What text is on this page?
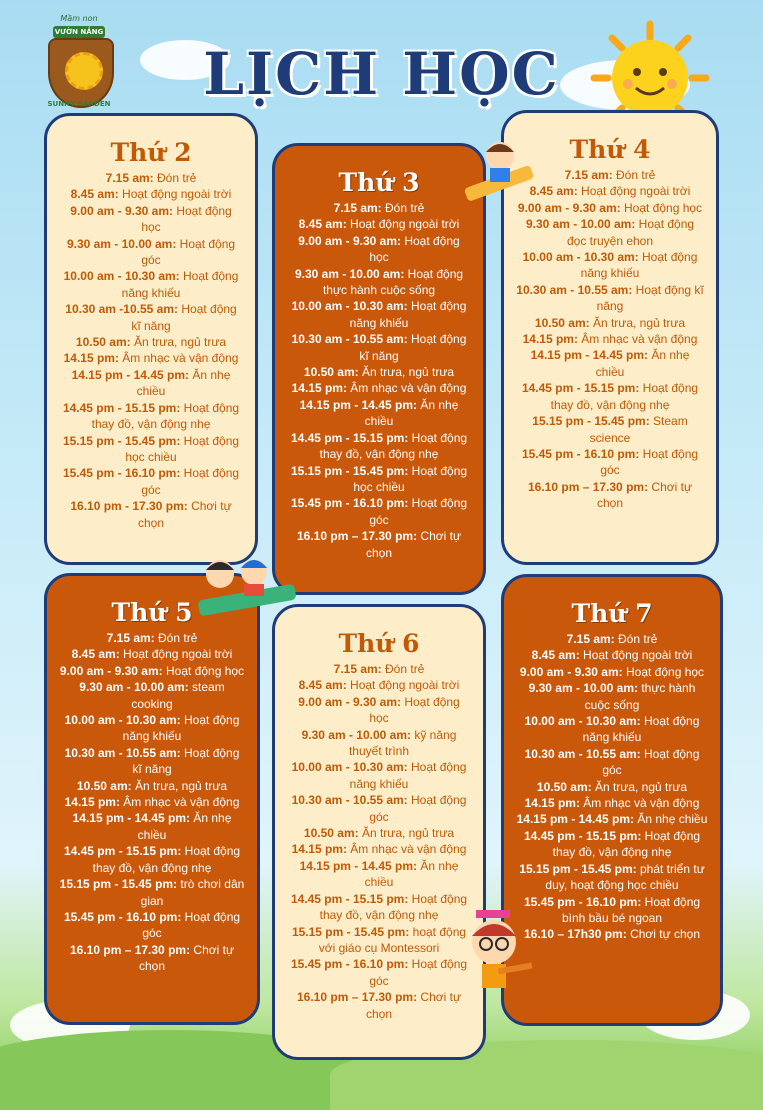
Mầm non
VƯỜN NẮNG
SUNNY GARDEN	LỊCH HỌC
Thứ 2
7.15 am: Đón trẻ
8.45 am: Hoạt động ngoài trời
9.00 am - 9.30 am: Hoạt động học
9.30 am - 10.00 am: Hoạt động góc
10.00 am - 10.30 am: Hoạt động năng khiếu
10.30 am -10.55 am: Hoạt động kĩ năng
10.50 am: Ăn trưa, ngủ trưa
14.15 pm: Âm nhạc và vận động
14.15 pm - 14.45 pm: Ăn nhẹ chiều
14.45 pm - 15.15 pm: Hoạt động thay đồ, vận động nhẹ
15.15 pm - 15.45 pm: Hoạt động học chiều
15.45 pm - 16.10 pm: Hoạt động góc
16.10 pm - 17.30 pm: Chơi tự chọn
Thứ 3
7.15 am: Đón trẻ
8.45 am: Hoạt động ngoài trời
9.00 am - 9.30 am: Hoạt động học
9.30 am - 10.00 am: Hoạt động thực hành cuộc sống
10.00 am - 10.30 am: Hoạt động năng khiếu
10.30 am - 10.55 am: Hoạt động kĩ năng
10.50 am: Ăn trưa, ngủ trưa
14.15 pm: Âm nhạc và vận động
14.15 pm - 14.45 pm: Ăn nhẹ chiều
14.45 pm - 15.15 pm: Hoạt động thay đồ, vận động nhẹ
15.15 pm - 15.45 pm: Hoạt động học chiều
15.45 pm - 16.10 pm: Hoạt động góc
16.10 pm – 17.30 pm: Chơi tự chọn
Thứ 4
7.15 am: Đón trẻ
8.45 am: Hoạt động ngoài trời
9.00 am - 9.30 am: Hoạt động học
9.30 am - 10.00 am: Hoạt động đọc truyện ehon
10.00 am - 10.30 am: Hoạt động năng khiếu
10.30 am - 10.55 am: Hoạt động kĩ năng
10.50 am: Ăn trưa, ngủ trưa
14.15 pm: Âm nhạc và vận động
14.15 pm - 14.45 pm: Ăn nhẹ chiều
14.45 pm - 15.15 pm: Hoạt động thay đồ, vận động nhẹ
15.15 pm - 15.45 pm: Steam science
15.45 pm - 16.10 pm: Hoạt động góc
16.10 pm – 17.30 pm: Chơi tự chọn
Thứ 5
7.15 am: Đón trẻ
8.45 am: Hoạt động ngoài trời
9.00 am - 9.30 am: Hoạt động học
9.30 am - 10.00 am: steam cooking
10.00 am - 10.30 am: Hoạt động năng khiếu
10.30 am - 10.55 am: Hoạt động kĩ năng
10.50 am: Ăn trưa, ngủ trưa
14.15 pm: Âm nhạc và vận động
14.15 pm - 14.45 pm: Ăn nhẹ chiều
14.45 pm - 15.15 pm: Hoạt động thay đồ, vận động nhẹ
15.15 pm - 15.45 pm: trò chơi dân gian
15.45 pm - 16.10 pm: Hoạt động góc
16.10 pm – 17.30 pm: Chơi tự chọn
Thứ 6
7.15 am: Đón trẻ
8.45 am: Hoạt động ngoài trời
9.00 am - 9.30 am: Hoạt động học
9.30 am - 10.00 am: kỹ năng thuyết trình
10.00 am - 10.30 am: Hoạt động năng khiếu
10.30 am - 10.55 am: Hoạt động góc
10.50 am: Ăn trưa, ngủ trưa
14.15 pm: Âm nhạc và vận động
14.15 pm - 14.45 pm: Ăn nhẹ chiều
14.45 pm - 15.15 pm: Hoạt động thay đồ, vận động nhẹ
15.15 pm - 15.45 pm: hoạt động với giáo cụ Montessori
15.45 pm - 16.10 pm: Hoạt động góc
16.10 pm – 17.30 pm: Chơi tự chọn
Thứ 7
7.15 am: Đón trẻ
8.45 am: Hoạt động ngoài trời
9.00 am - 9.30 am: Hoạt động học
9.30 am - 10.00 am: thực hành cuộc sống
10.00 am - 10.30 am: Hoạt động năng khiếu
10.30 am - 10.55 am: Hoạt động góc
10.50 am: Ăn trưa, ngủ trưa
14.15 pm: Âm nhạc và vận động
14.15 pm - 14.45 pm: Ăn nhẹ chiều
14.45 pm - 15.15 pm: Hoạt động thay đồ, vận động nhẹ
15.15 pm - 15.45 pm: phát triển tư duy, hoạt động học chiều
15.45 pm - 16.10 pm: Hoạt động bình bầu bé ngoan
16.10 – 17h30 pm: Chơi tự chọn
